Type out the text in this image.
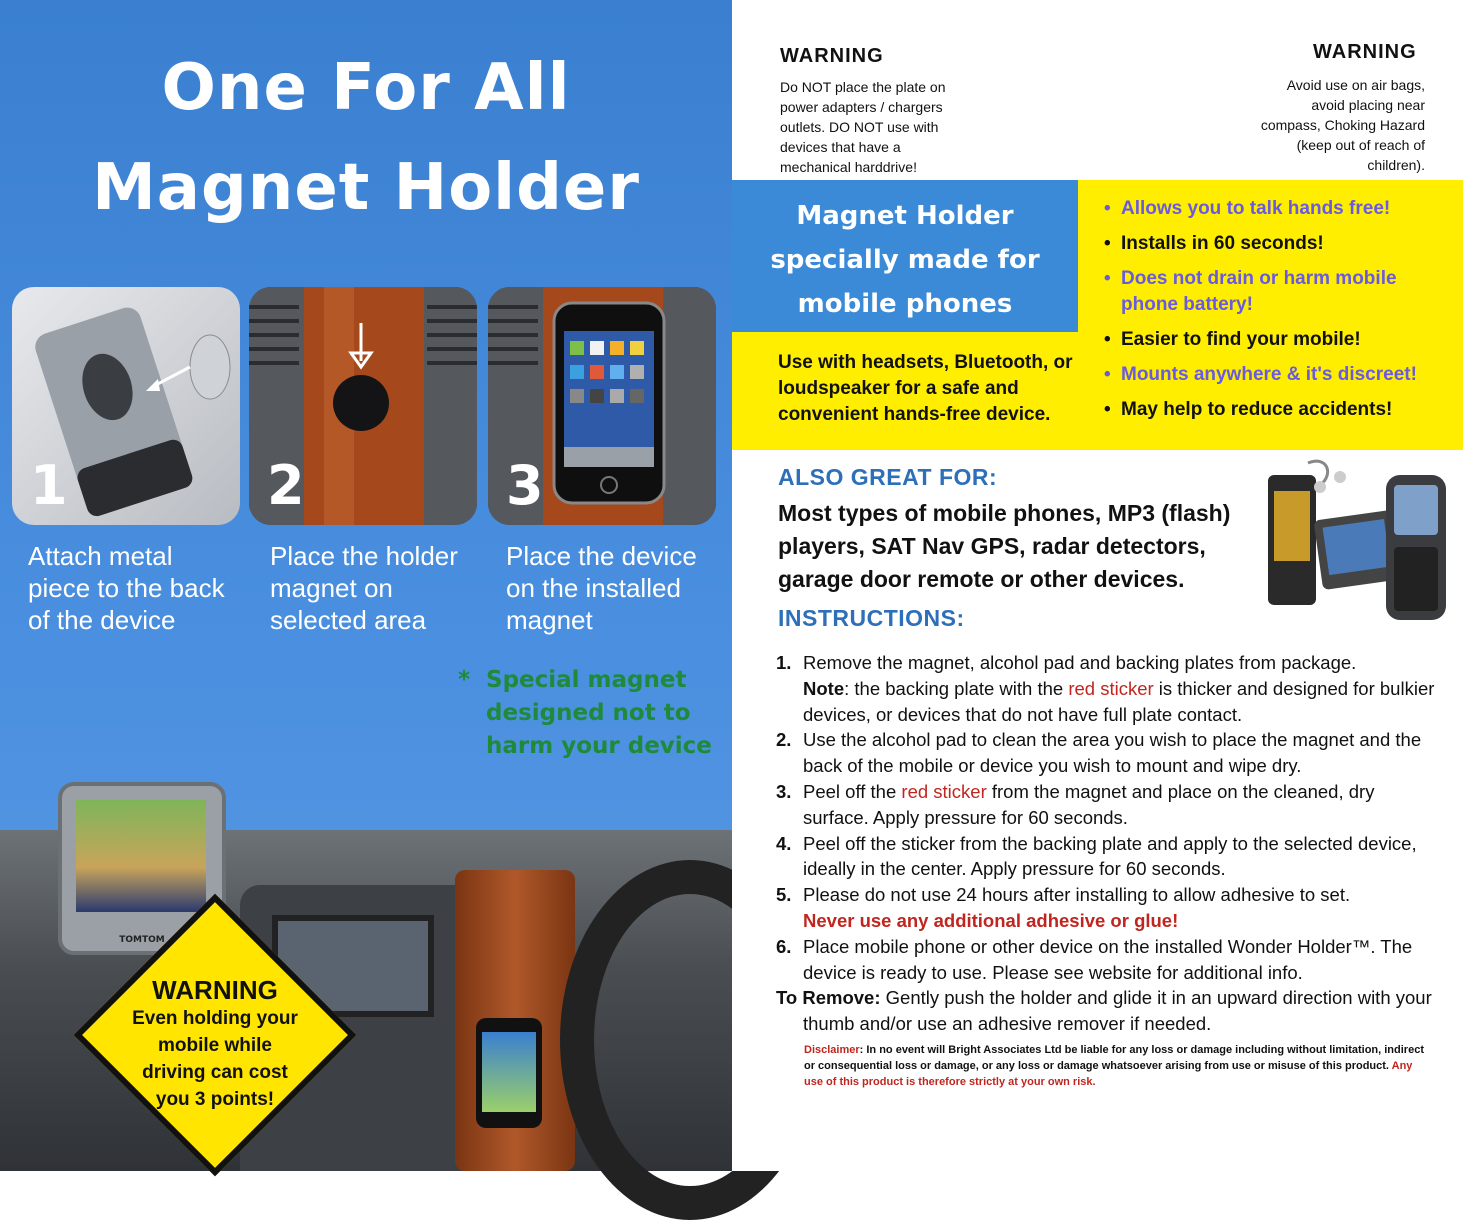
One For All
Magnet Holder
1	2	3
Attach metal piece to the back of the device
Place the holder magnet on selected area
Place the device on the installed magnet
* Special magnet designed not to harm your device
TOMTOM
WARNING
Even holding your mobile while driving can cost you 3 points!
WARNING
Do NOT place the plate on power adapters / chargers outlets. DO NOT use with devices that have a mechanical harddrive!
WARNING
Avoid use on air bags, avoid placing near compass, Choking Hazard (keep out of reach of children).
Magnet Holder
specially made for
mobile phones
Use with headsets, Bluetooth, or loudspeaker for a safe and convenient hands-free device.
• Allows you to talk hands free!
• Installs in 60 seconds!
• Does not drain or harm mobile phone battery!
• Easier to find your mobile!
• Mounts anywhere & it's discreet!
• May help to reduce accidents!
ALSO GREAT FOR:
Most types of mobile phones, MP3 (flash) players, SAT Nav GPS, radar detectors, garage door remote or other devices.
INSTRUCTIONS:
1. Remove the magnet, alcohol pad and backing plates from package.
Note: the backing plate with the red sticker is thicker and designed for bulkier devices, or devices that do not have full plate contact.
2. Use the alcohol pad to clean the area you wish to place the magnet and the back of the mobile or device you wish to mount and wipe dry.
3. Peel off the red sticker from the magnet and place on the cleaned, dry surface. Apply pressure for 60 seconds.
4. Peel off the sticker from the backing plate and apply to the selected device, ideally in the center. Apply pressure for 60 seconds.
5. Please do not use 24 hours after installing to allow adhesive to set.
Never use any additional adhesive or glue!
6. Place mobile phone or other device on the installed Wonder Holder™. The device is ready to use. Please see website for additional info.
To Remove: Gently push the holder and glide it in an upward direction with your thumb and/or use an adhesive remover if needed.
Disclaimer: In no event will Bright Associates Ltd be liable for any loss or damage including without limitation, indirect or consequential loss or damage, or any loss or damage whatsoever arising from use or misuse of this product. Any use of this product is therefore strictly at your own risk.
